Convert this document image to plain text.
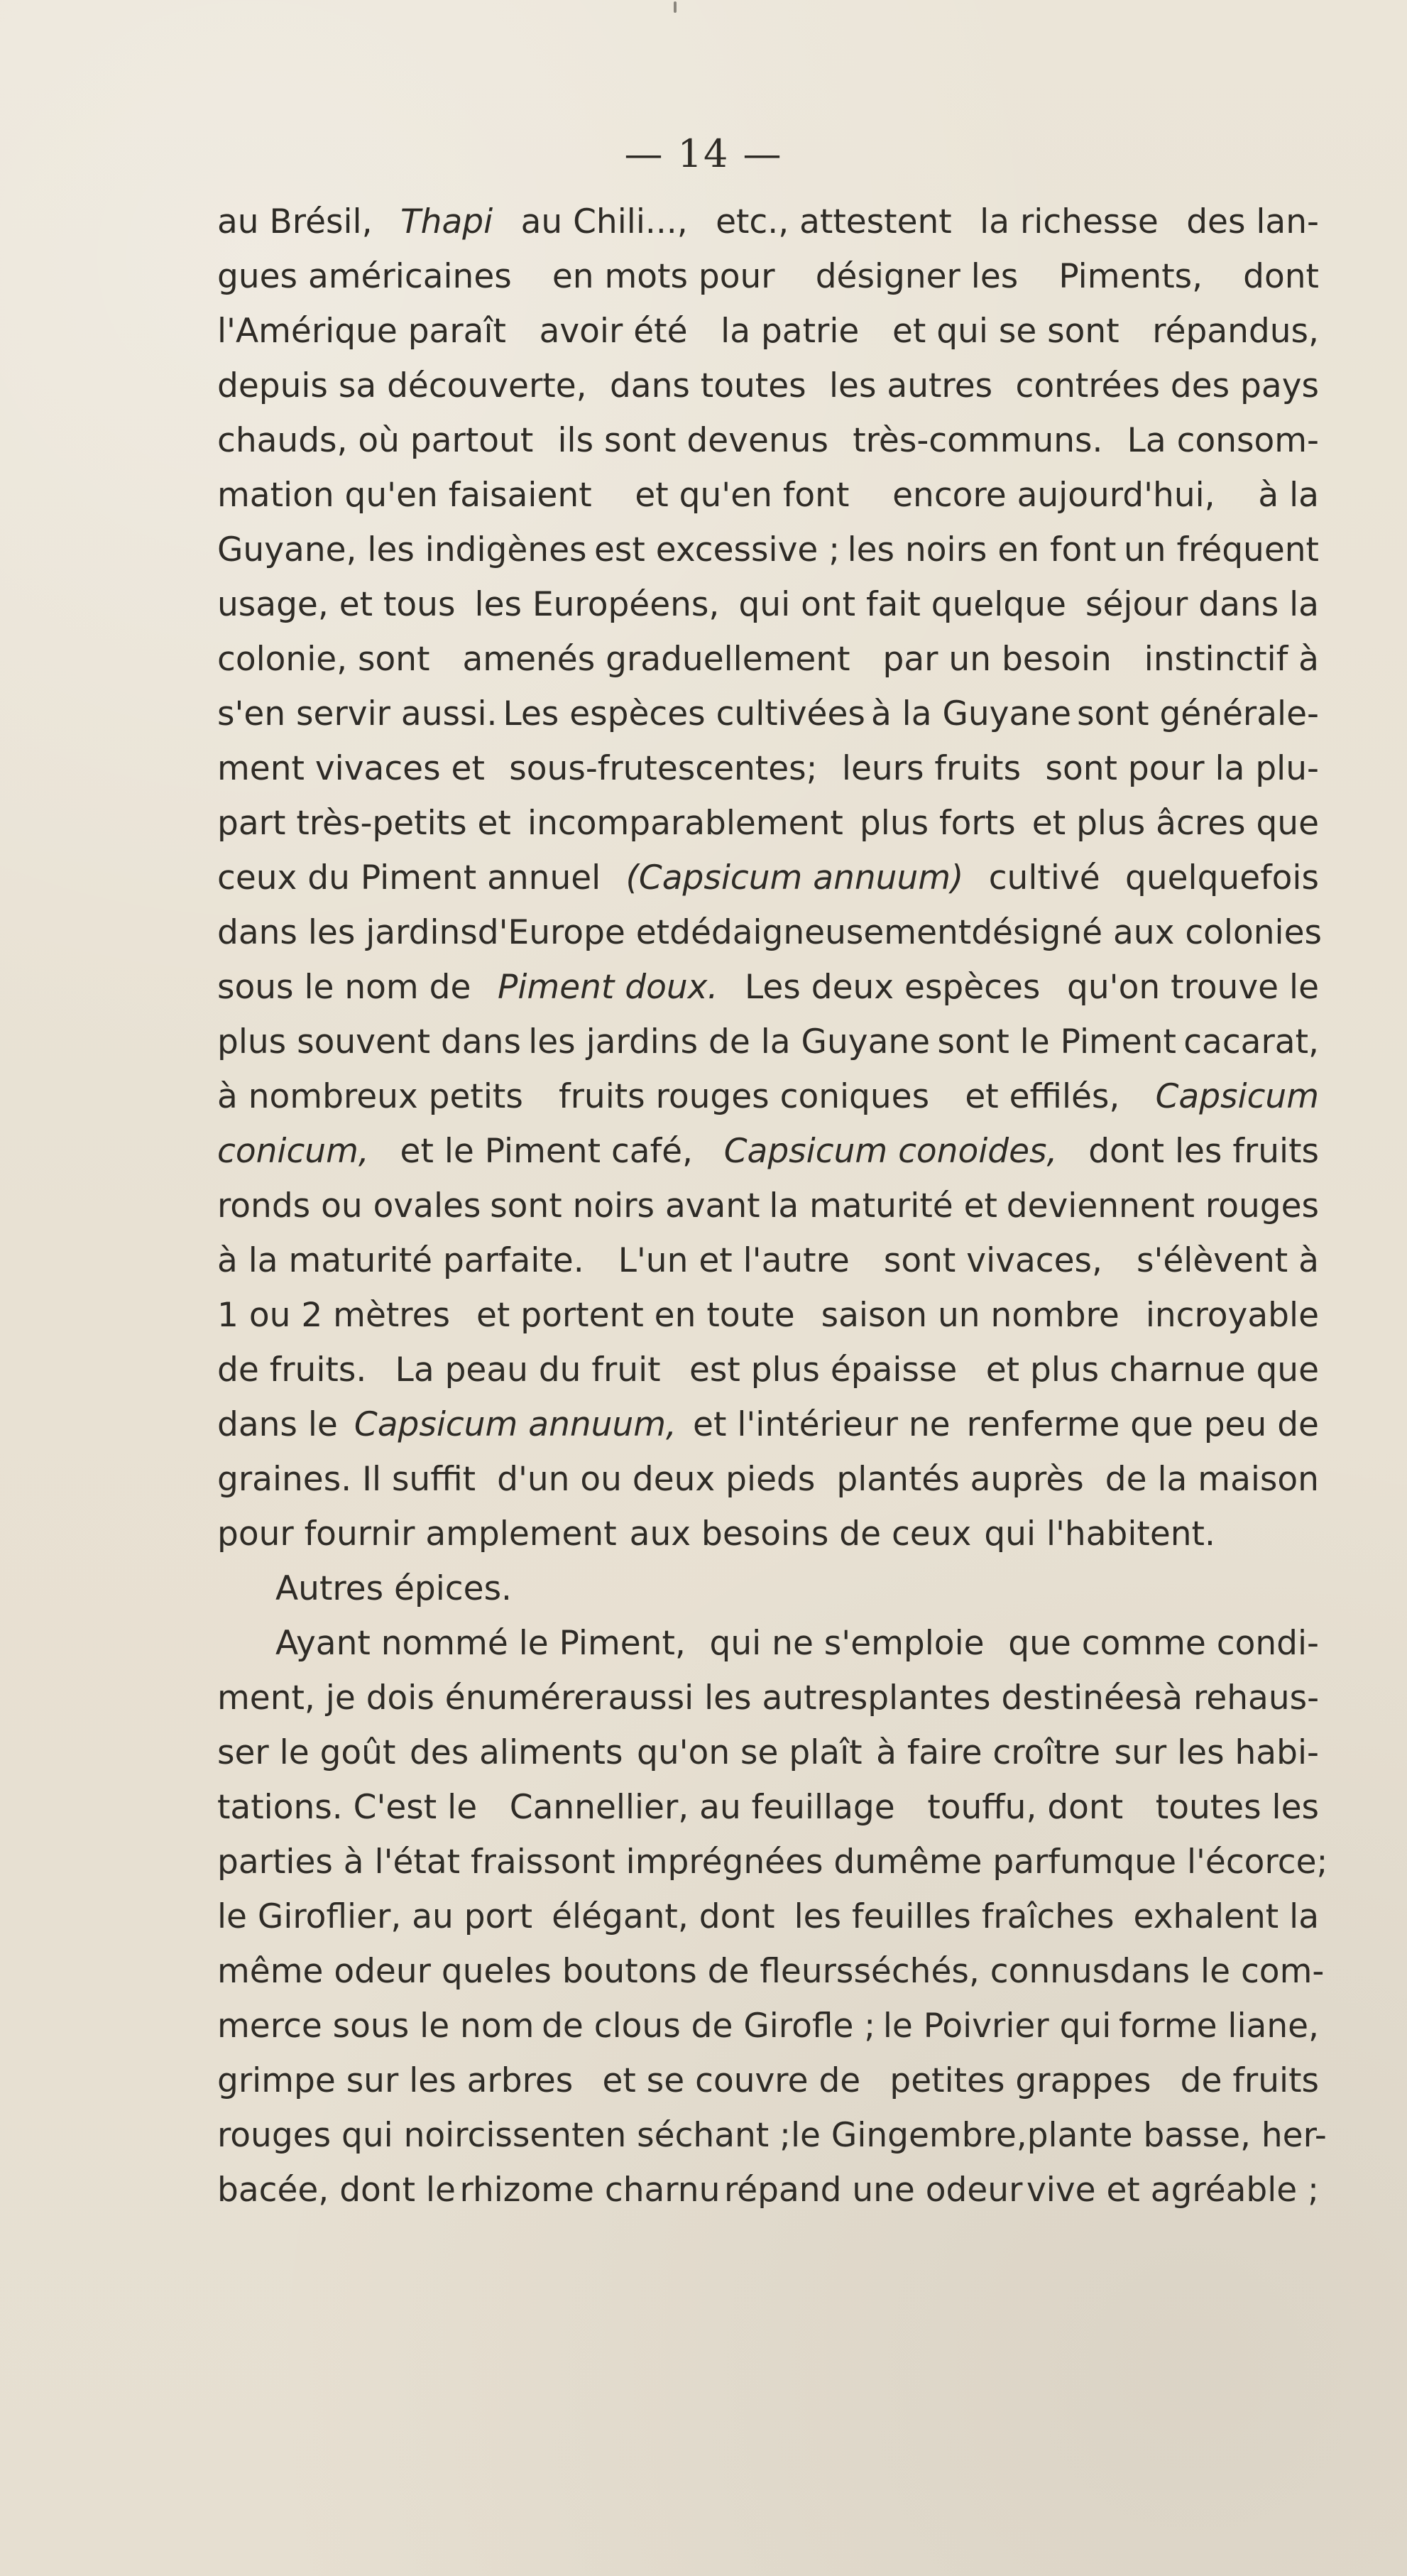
— 14 —
au Brésil, Thapi au Chili..., etc., attestent la richesse des lan-
gues américaines en mots pour désigner les Piments, dont
l'Amérique paraît avoir été la patrie et qui se sont répandus,
depuis sa découverte, dans toutes les autres contrées des pays
chauds, où partout ils sont devenus très-communs. La consom-
mation qu'en faisaient et qu'en font encore aujourd'hui, à la
Guyane, les indigènes est excessive ; les noirs en font un fréquent
usage, et tous les Européens, qui ont fait quelque séjour dans la
colonie, sont amenés graduellement par un besoin instinctif à
s'en servir aussi. Les espèces cultivées à la Guyane sont générale-
ment vivaces et sous-frutescentes; leurs fruits sont pour la plu-
part très-petits et incomparablement plus forts et plus âcres que
ceux du Piment annuel (Capsicum annuum) cultivé quelquefois
dans les jardins d'Europe et dédaigneusement désigné aux colonies
sous le nom de Piment doux. Les deux espèces qu'on trouve le
plus souvent dans les jardins de la Guyane sont le Piment cacarat,
à nombreux petits fruits rouges coniques et effilés, Capsicum
conicum, et le Piment café, Capsicum conoides, dont les fruits
ronds ou ovales sont noirs avant la maturité et deviennent rouges
à la maturité parfaite. L'un et l'autre sont vivaces, s'élèvent à
1 ou 2 mètres et portent en toute saison un nombre incroyable
de fruits. La peau du fruit est plus épaisse et plus charnue que
dans le Capsicum annuum, et l'intérieur ne renferme que peu de
graines. Il suffit d'un ou deux pieds plantés auprès de la maison
pour fournir amplement aux besoins de ceux qui l'habitent.
Autres épices.
Ayant nommé le Piment, qui ne s'emploie que comme condi-
ment, je dois énumérer aussi les autres plantes destinées à rehaus-
ser le goût des aliments qu'on se plaît à faire croître sur les habi-
tations. C'est le Cannellier, au feuillage touffu, dont toutes les
parties à l'état frais sont imprégnées du même parfum que l'écorce;
le Giroflier, au port élégant, dont les feuilles fraîches exhalent la
même odeur que les boutons de fleurs séchés, connus dans le com-
merce sous le nom de clous de Girofle ; le Poivrier qui forme liane,
grimpe sur les arbres et se couvre de petites grappes de fruits
rouges qui noircissent en séchant ; le Gingembre, plante basse, her-
bacée, dont le rhizome charnu répand une odeur vive et agréable ;
